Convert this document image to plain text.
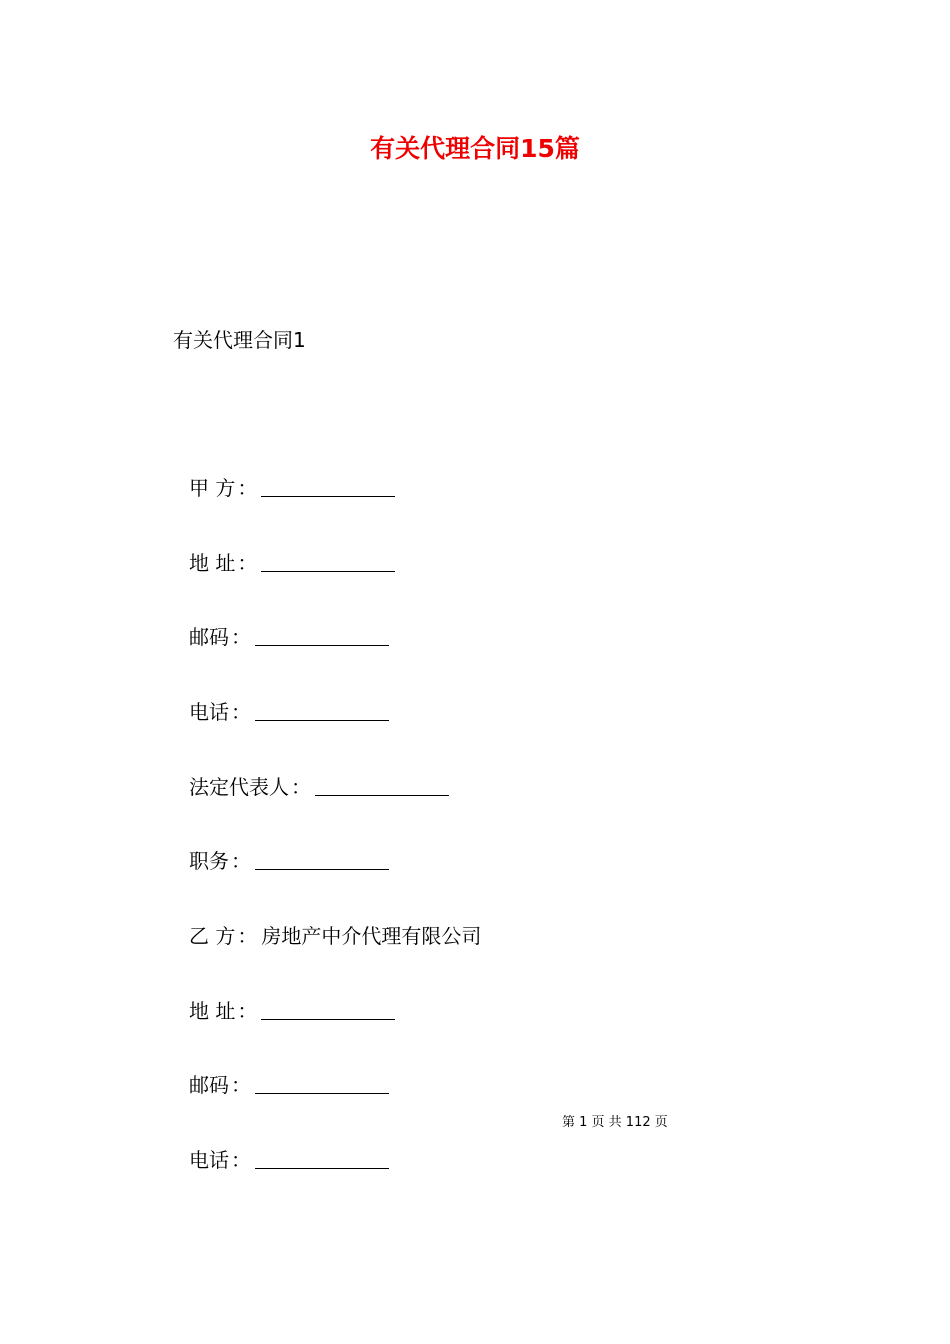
有关代理合同15篇
有关代理合同1
甲 方 ：
地 址 ：
邮码 ：
电话 ：
法定代表人 ：
职务 ：
乙 方 ： 房地产中介代理有限公司
地 址 ：
邮码 ：
第 1 页 共 112 页
电话 ：
